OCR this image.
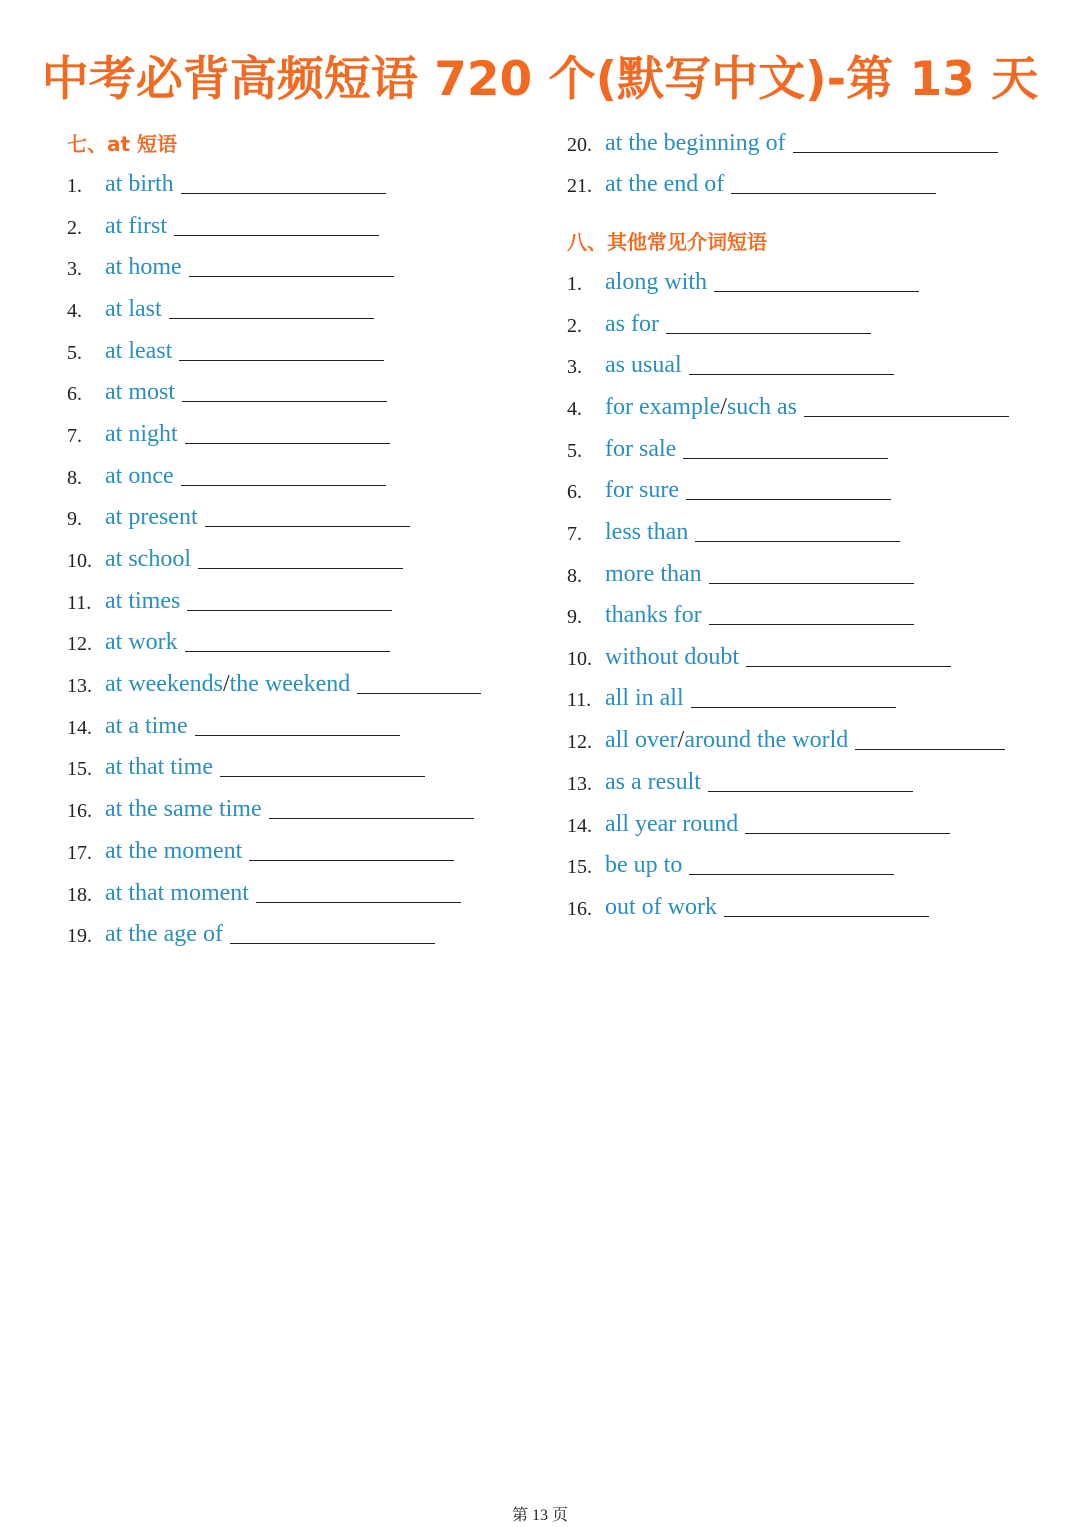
中考必背高频短语 720 个(默写中文)-第 13 天
七、at 短语
1. at birth
2. at first
3. at home
4. at last
5. at least
6. at most
7. at night
8. at once
9. at present
10. at school
11. at times
12. at work
13. at weekends / the weekend
14. at a time
15. at that time
16. at the same time
17. at the moment
18. at that moment
19. at the age of
20. at the beginning of
21. at the end of
八、其他常见介词短语
1. along with
2. as for
3. as usual
4. for example / such as
5. for sale
6. for sure
7. less than
8. more than
9. thanks for
10. without doubt
11. all in all
12. all over / around the world
13. as a result
14. all year round
15. be up to
16. out of work
第 13 页
